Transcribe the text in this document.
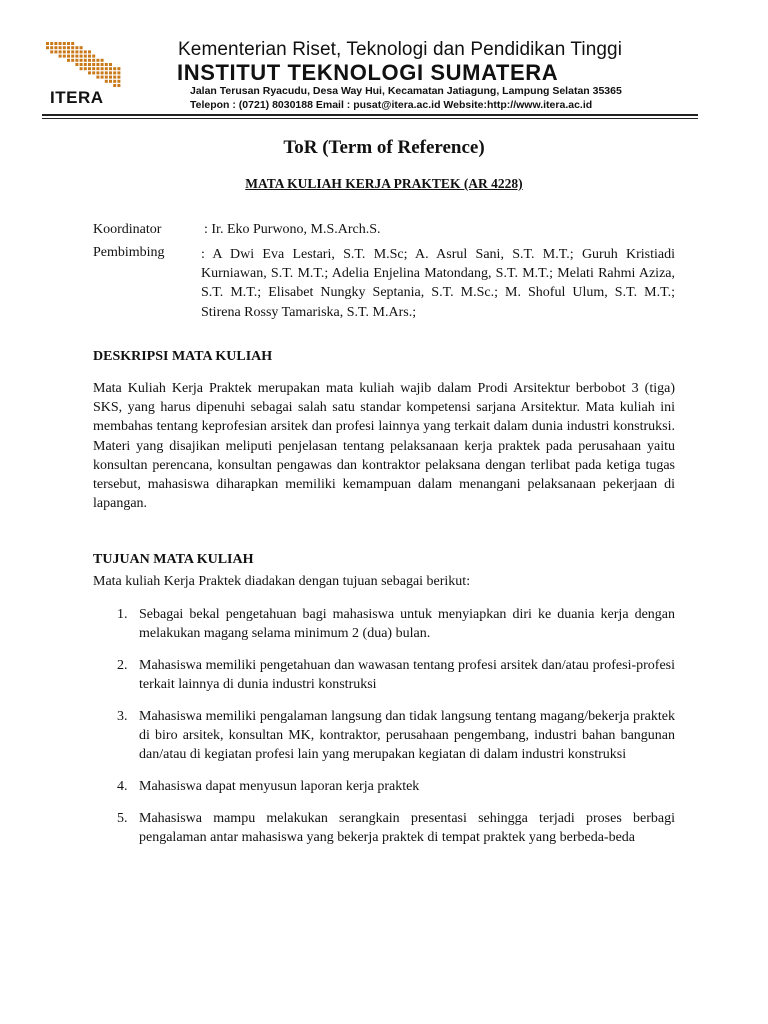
ITERA
Kementerian Riset, Teknologi dan Pendidikan Tinggi
INSTITUT TEKNOLOGI SUMATERA
Jalan Terusan Ryacudu, Desa Way Hui, Kecamatan Jatiagung, Lampung Selatan 35365
Telepon : (0721) 8030188 Email : pusat@itera.ac.id Website:http://www.itera.ac.id
ToR (Term of Reference)
MATA KULIAH KERJA PRAKTEK (AR 4228)
Koordinator	: Ir. Eko Purwono, M.S.Arch.S.
Pembimbing	: A Dwi Eva Lestari, S.T. M.Sc; A. Asrul Sani, S.T. M.T.; Guruh Kristiadi Kurniawan, S.T. M.T.; Adelia Enjelina Matondang, S.T. M.T.; Melati Rahmi Aziza, S.T. M.T.; Elisabet Nungky Septania, S.T. M.Sc.; M. Shoful Ulum, S.T. M.T.; Stirena Rossy Tamariska, S.T. M.Ars.;
DESKRIPSI MATA KULIAH
Mata Kuliah Kerja Praktek merupakan mata kuliah wajib dalam Prodi Arsitektur berbobot 3 (tiga) SKS, yang harus dipenuhi sebagai salah satu standar kompetensi sarjana Arsitektur. Mata kuliah ini membahas tentang keprofesian arsitek dan profesi lainnya yang terkait dalam dunia industri konstruksi. Materi yang disajikan meliputi penjelasan tentang pelaksanaan kerja praktek pada perusahaan yaitu konsultan perencana, konsultan pengawas dan kontraktor pelaksana dengan terlibat pada ketiga tugas tersebut, mahasiswa diharapkan memiliki kemampuan dalam menangani pelaksanaan pekerjaan di lapangan.
TUJUAN MATA KULIAH
Mata kuliah Kerja Praktek diadakan dengan tujuan sebagai berikut:
1. Sebagai bekal pengetahuan bagi mahasiswa untuk menyiapkan diri ke duania kerja dengan melakukan magang selama minimum 2 (dua) bulan.
2. Mahasiswa memiliki pengetahuan dan wawasan tentang profesi arsitek dan/atau profesi-profesi terkait lainnya di dunia industri konstruksi
3. Mahasiswa memiliki pengalaman langsung dan tidak langsung tentang magang/bekerja praktek di biro arsitek, konsultan MK, kontraktor, perusahaan pengembang, industri bahan bangunan dan/atau di kegiatan profesi lain yang merupakan kegiatan di dalam industri konstruksi
4. Mahasiswa dapat menyusun laporan kerja praktek
5. Mahasiswa mampu melakukan serangkain presentasi sehingga terjadi proses berbagi pengalaman antar mahasiswa yang bekerja praktek di tempat praktek yang berbeda-beda
